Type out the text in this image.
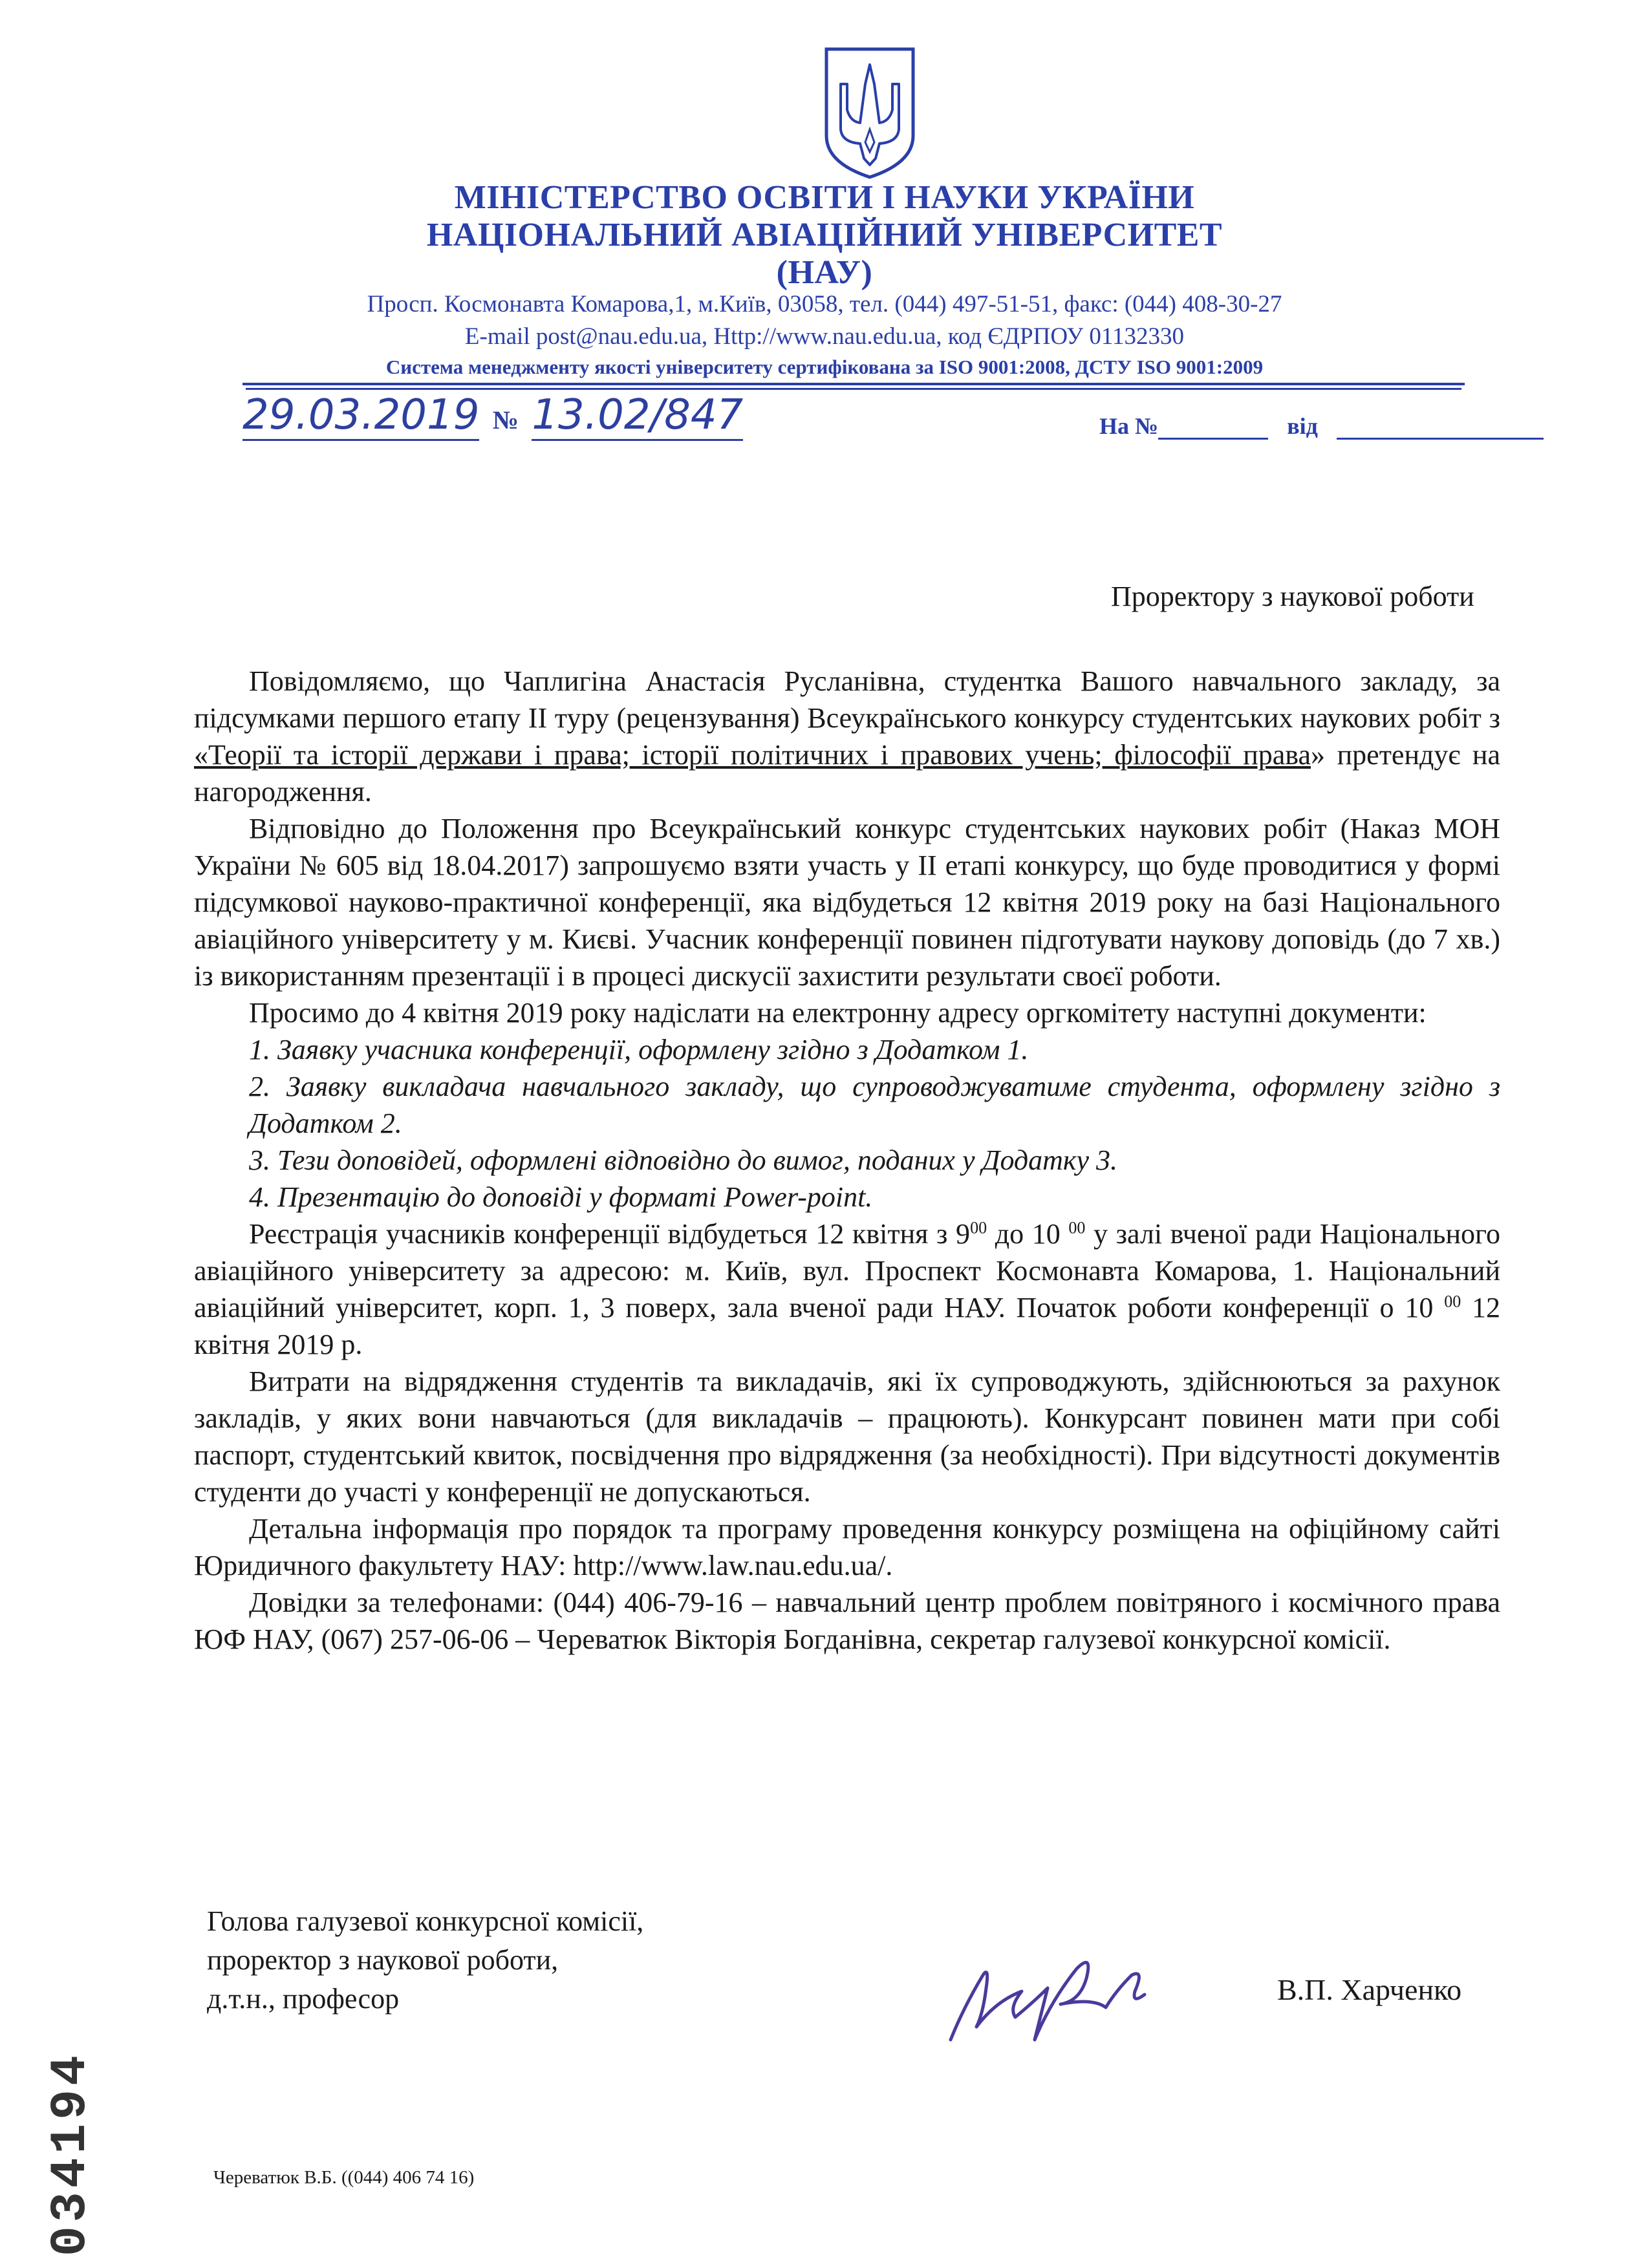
МІНІСТЕРСТВО ОСВІТИ І НАУКИ УКРАЇНИ
НАЦІОНАЛЬНИЙ АВІАЦІЙНИЙ УНІВЕРСИТЕТ
(НАУ)
Просп. Космонавта Комарова,1, м.Київ, 03058, тел. (044) 497-51-51, факс: (044) 408-30-27
E-mail post@nau.edu.ua, Http://www.nau.edu.ua, код ЄДРПОУ 01132330
Система менеджменту якості університету сертифікована за ISO 9001:2008, ДСТУ ISO 9001:2009
29.03.2019 № 13.02/847	На №	від
Проректору з наукової роботи

Повідомляємо, що Чаплигіна Анастасія Русланівна, студентка Вашого навчального закладу, за підсумками першого етапу ІІ туру (рецензування) Всеукраїнського конкурсу студентських наукових робіт з «Теорії та історії держави і права; історії політичних і правових учень; філософії права» претендує на нагородження.

Відповідно до Положення про Всеукраїнський конкурс студентських наукових робіт (Наказ МОН України № 605 від 18.04.2017) запрошуємо взяти участь у ІІ етапі конкурсу, що буде проводитися у формі підсумкової науково-практичної конференції, яка відбудеться 12 квітня 2019 року на базі Національного авіаційного університету у м. Києві. Учасник конференції повинен підготувати наукову доповідь (до 7 хв.) із використанням презентації і в процесі дискусії захистити результати своєї роботи.

Просимо до 4 квітня 2019 року надіслати на електронну адресу оргкомітету наступні документи:

1. Заявку учасника конференції, оформлену згідно з Додатком 1.

2. Заявку викладача навчального закладу, що супроводжуватиме студента, оформлену згідно з Додатком 2.

3. Тези доповідей, оформлені відповідно до вимог, поданих у Додатку 3.

4. Презентацію до доповіді у форматі Power-point.

Реєстрація учасників конференції відбудеться 12 квітня з $9^{00}$ до 10 $^{00}$ у залі вченої ради Національного авіаційного університету за адресою: м. Київ, вул. Проспект Космонавта Комарова, 1. Національний авіаційний університет, корп. 1, 3 поверх, зала вченої ради НАУ. Початок роботи конференції о 10 $^{00}$ 12 квітня 2019 р.

Витрати на відрядження студентів та викладачів, які їх супроводжують, здійснюються за рахунок закладів, у яких вони навчаються (для викладачів – працюють). Конкурсант повинен мати при собі паспорт, студентський квиток, посвідчення про відрядження (за необхідності). При відсутності документів студенти до участі у конференції не допускаються.

Детальна інформація про порядок та програму проведення конкурсу розміщена на офіційному сайті Юридичного факультету НАУ: http://www.law.nau.edu.ua/.

Довідки за телефонами: (044) 406-79-16 – навчальний центр проблем повітряного і космічного права ЮФ НАУ, (067) 257-06-06 – Череватюк Вікторія Богданівна, секретар галузевої конкурсної комісії.

Голова галузевої конкурсної комісії,
проректор з наукової роботи,
д.т.н., професор	В.П. Харченко
Череватюк В.Б. ((044) 406 74 16)
034194
